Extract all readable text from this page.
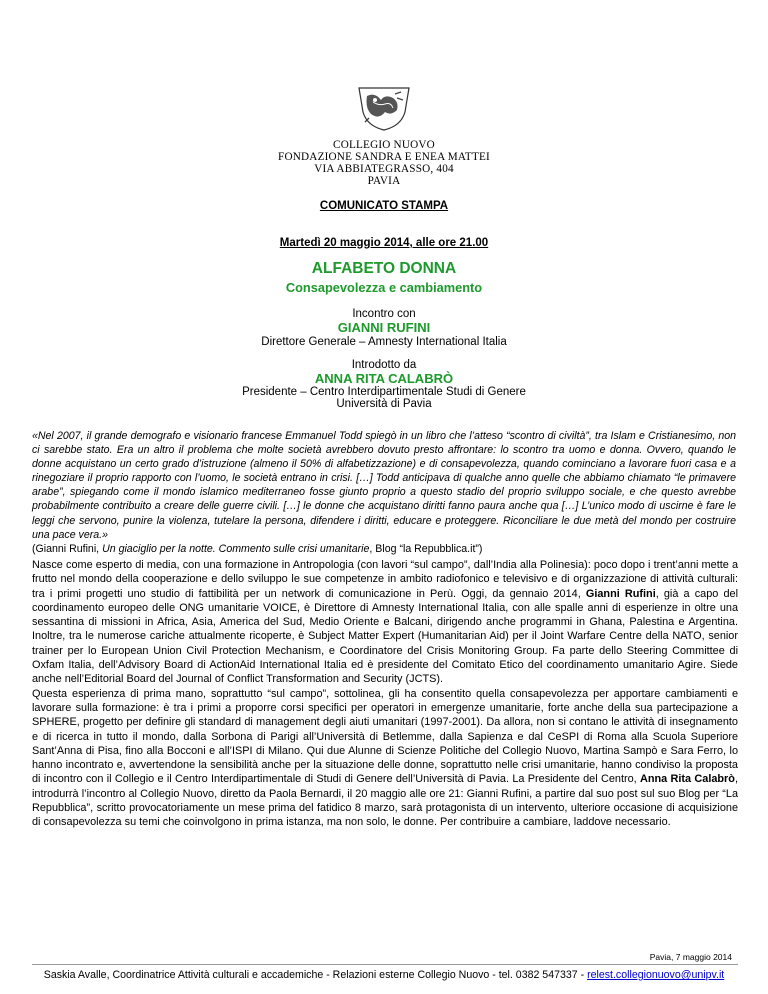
COLLEGIO NUOVO
FONDAZIONE SANDRA E ENEA MATTEI
VIA ABBIATEGRASSO, 404
PAVIA
COMUNICATO STAMPA
Martedì 20 maggio 2014, alle ore 21.00
ALFABETO DONNA
Consapevolezza e cambiamento
Incontro con
GIANNI RUFINI
Direttore Generale – Amnesty International Italia
Introdotto da
ANNA RITA CALABRÒ
Presidente – Centro Interdipartimentale Studi di Genere
Università di Pavia
«Nel 2007, il grande demografo e visionario francese Emmanuel Todd spiegò in un libro che l’atteso “scontro di civiltà”, tra Islam e Cristianesimo, non ci sarebbe stato. Era un altro il problema che molte società avrebbero dovuto presto affrontare: lo scontro tra uomo e donna. Ovvero, quando le donne acquistano un certo grado d’istruzione (almeno il 50% di alfabetizzazione) e di consapevolezza, quando cominciano a lavorare fuori casa e a rinegoziare il proprio rapporto con l’uomo, le società entrano in crisi. […] Todd anticipava di qualche anno quelle che abbiamo chiamato “le primavere arabe”, spiegando come il mondo islamico mediterraneo fosse giunto proprio a questo stadio del proprio sviluppo sociale, e che questo avrebbe probabilmente contribuito a creare delle guerre civili. […] le donne che acquistano diritti fanno paura anche qua […] L’unico modo di uscirne è fare le leggi che servono, punire la violenza, tutelare la persona, difendere i diritti, educare e proteggere. Riconciliare le due metà del mondo per costruire una pace vera.»
(Gianni Rufini, Un giaciglio per la notte. Commento sulle crisi umanitarie, Blog “la Repubblica.it”)

Nasce come esperto di media, con una formazione in Antropologia (con lavori “sul campo”, dall’India alla Polinesia): poco dopo i trent’anni mette a frutto nel mondo della cooperazione e dello sviluppo le sue competenze in ambito radiofonico e televisivo e di organizzazione di attività culturali: tra i primi progetti uno studio di fattibilità per un network di comunicazione in Perù. Oggi, da gennaio 2014, Gianni Rufini, già a capo del coordinamento europeo delle ONG umanitarie VOICE, è Direttore di Amnesty International Italia, con alle spalle anni di esperienze in oltre una sessantina di missioni in Africa, Asia, America del Sud, Medio Oriente e Balcani, dirigendo anche programmi in Ghana, Palestina e Argentina. Inoltre, tra le numerose cariche attualmente ricoperte, è Subject Matter Expert (Humanitarian Aid) per il Joint Warfare Centre della NATO, senior trainer per lo European Union Civil Protection Mechanism, e Coordinatore del Crisis Monitoring Group. Fa parte dello Steering Committee di Oxfam Italia, dell’Advisory Board di ActionAid International Italia ed è presidente del Comitato Etico del coordinamento umanitario Agire. Siede anche nell’Editorial Board del Journal of Conflict Transformation and Security (JCTS).

Questa esperienza di prima mano, soprattutto “sul campo”, sottolinea, gli ha consentito quella consapevolezza per apportare cambiamenti e lavorare sulla formazione: è tra i primi a proporre corsi specifici per operatori in emergenze umanitarie, forte anche della sua partecipazione a SPHERE, progetto per definire gli standard di management degli aiuti umanitari (1997-2001). Da allora, non si contano le attività di insegnamento e di ricerca in tutto il mondo, dalla Sorbona di Parigi all’Università di Betlemme, dalla Sapienza e dal CeSPI di Roma alla Scuola Superiore Sant’Anna di Pisa, fino alla Bocconi e all’ISPI di Milano. Qui due Alunne di Scienze Politiche del Collegio Nuovo, Martina Sampò e Sara Ferro, lo hanno incontrato e, avvertendone la sensibilità anche per la situazione delle donne, soprattutto nelle crisi umanitarie, hanno condiviso la proposta di incontro con il Collegio e il Centro Interdipartimentale di Studi di Genere dell’Università di Pavia. La Presidente del Centro, Anna Rita Calabrò, introdurrà l’incontro al Collegio Nuovo, diretto da Paola Bernardi, il 20 maggio alle ore 21: Gianni Rufini, a partire dal suo post sul suo Blog per “La Repubblica”, scritto provocatoriamente un mese prima del fatidico 8 marzo, sarà protagonista di un intervento, ulteriore occasione di acquisizione di consapevolezza su temi che coinvolgono in prima istanza, ma non solo, le donne. Per contribuire a cambiare, laddove necessario.

Pavia, 7 maggio 2014
Saskia Avalle, Coordinatrice Attività culturali e accademiche - Relazioni esterne Collegio Nuovo - tel. 0382 547337 - relest.collegionuovo@unipv.it
